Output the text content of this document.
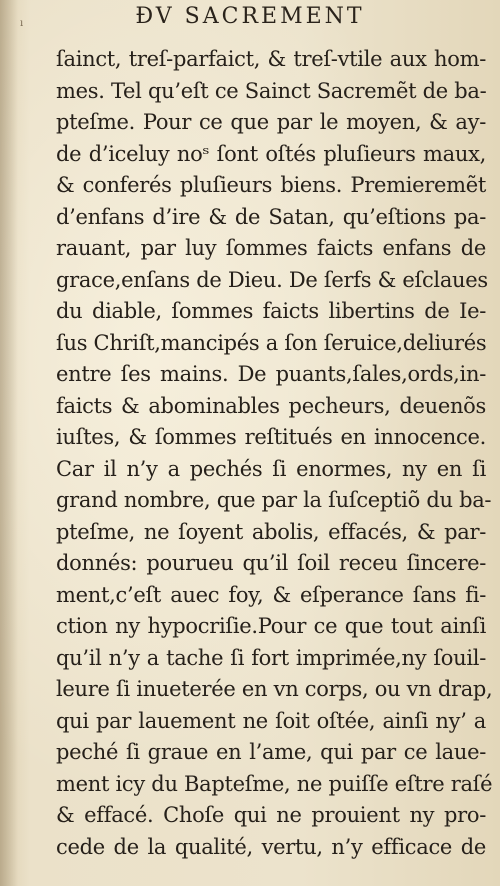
ı	ÐV SACREMENT
ſainct, treſ-parfaict, & treſ-vtile aux hom-
mes. Tel qu’eſt ce Sainct Sacremẽt de ba-
pteſme. Pour ce que par le moyen, & ay-
de d’iceluy noˢ ſont oſtés pluſieurs maux,
& conferés pluſieurs biens. Premieremẽt
d’enfans d’ire & de Satan, qu’eſtions pa-
rauant, par luy ſommes faicts enfans de
grace,enſans de Dieu. De ſerfs & eſclaues
du diable, ſommes faicts libertins de Ie-
ſus Chriſt,mancipés a ſon ſeruice,deliurés
entre ſes mains. De puants,ſales,ords,in-
faicts & abominables pecheurs, deuenõs
iuſtes, & ſommes reſtitués en innocence.
Car il n’y a pechés ſi enormes, ny en ſi
grand nombre, que par la ſuſceptiõ du ba-
pteſme, ne ſoyent abolis, effacés, & par-
donnés: pourueu qu’il ſoil receu ſincere-
ment,c’eſt auec foy, & eſperance ſans fi-
ction ny hypocriſie.Pour ce que tout ainſi
qu’il n’y a tache ſi fort imprimée,ny ſouil-
leure ſi inueterée en vn corps, ou vn drap,
qui par lauement ne ſoit oſtée, ainſi ny’ a
peché ſi graue en l’ame, qui par ce laue-
ment icy du Bapteſme, ne puiſſe eſtre raſé
& effacé. Choſe qui ne prouient ny pro-
cede de la qualité, vertu, n’y efficace de
